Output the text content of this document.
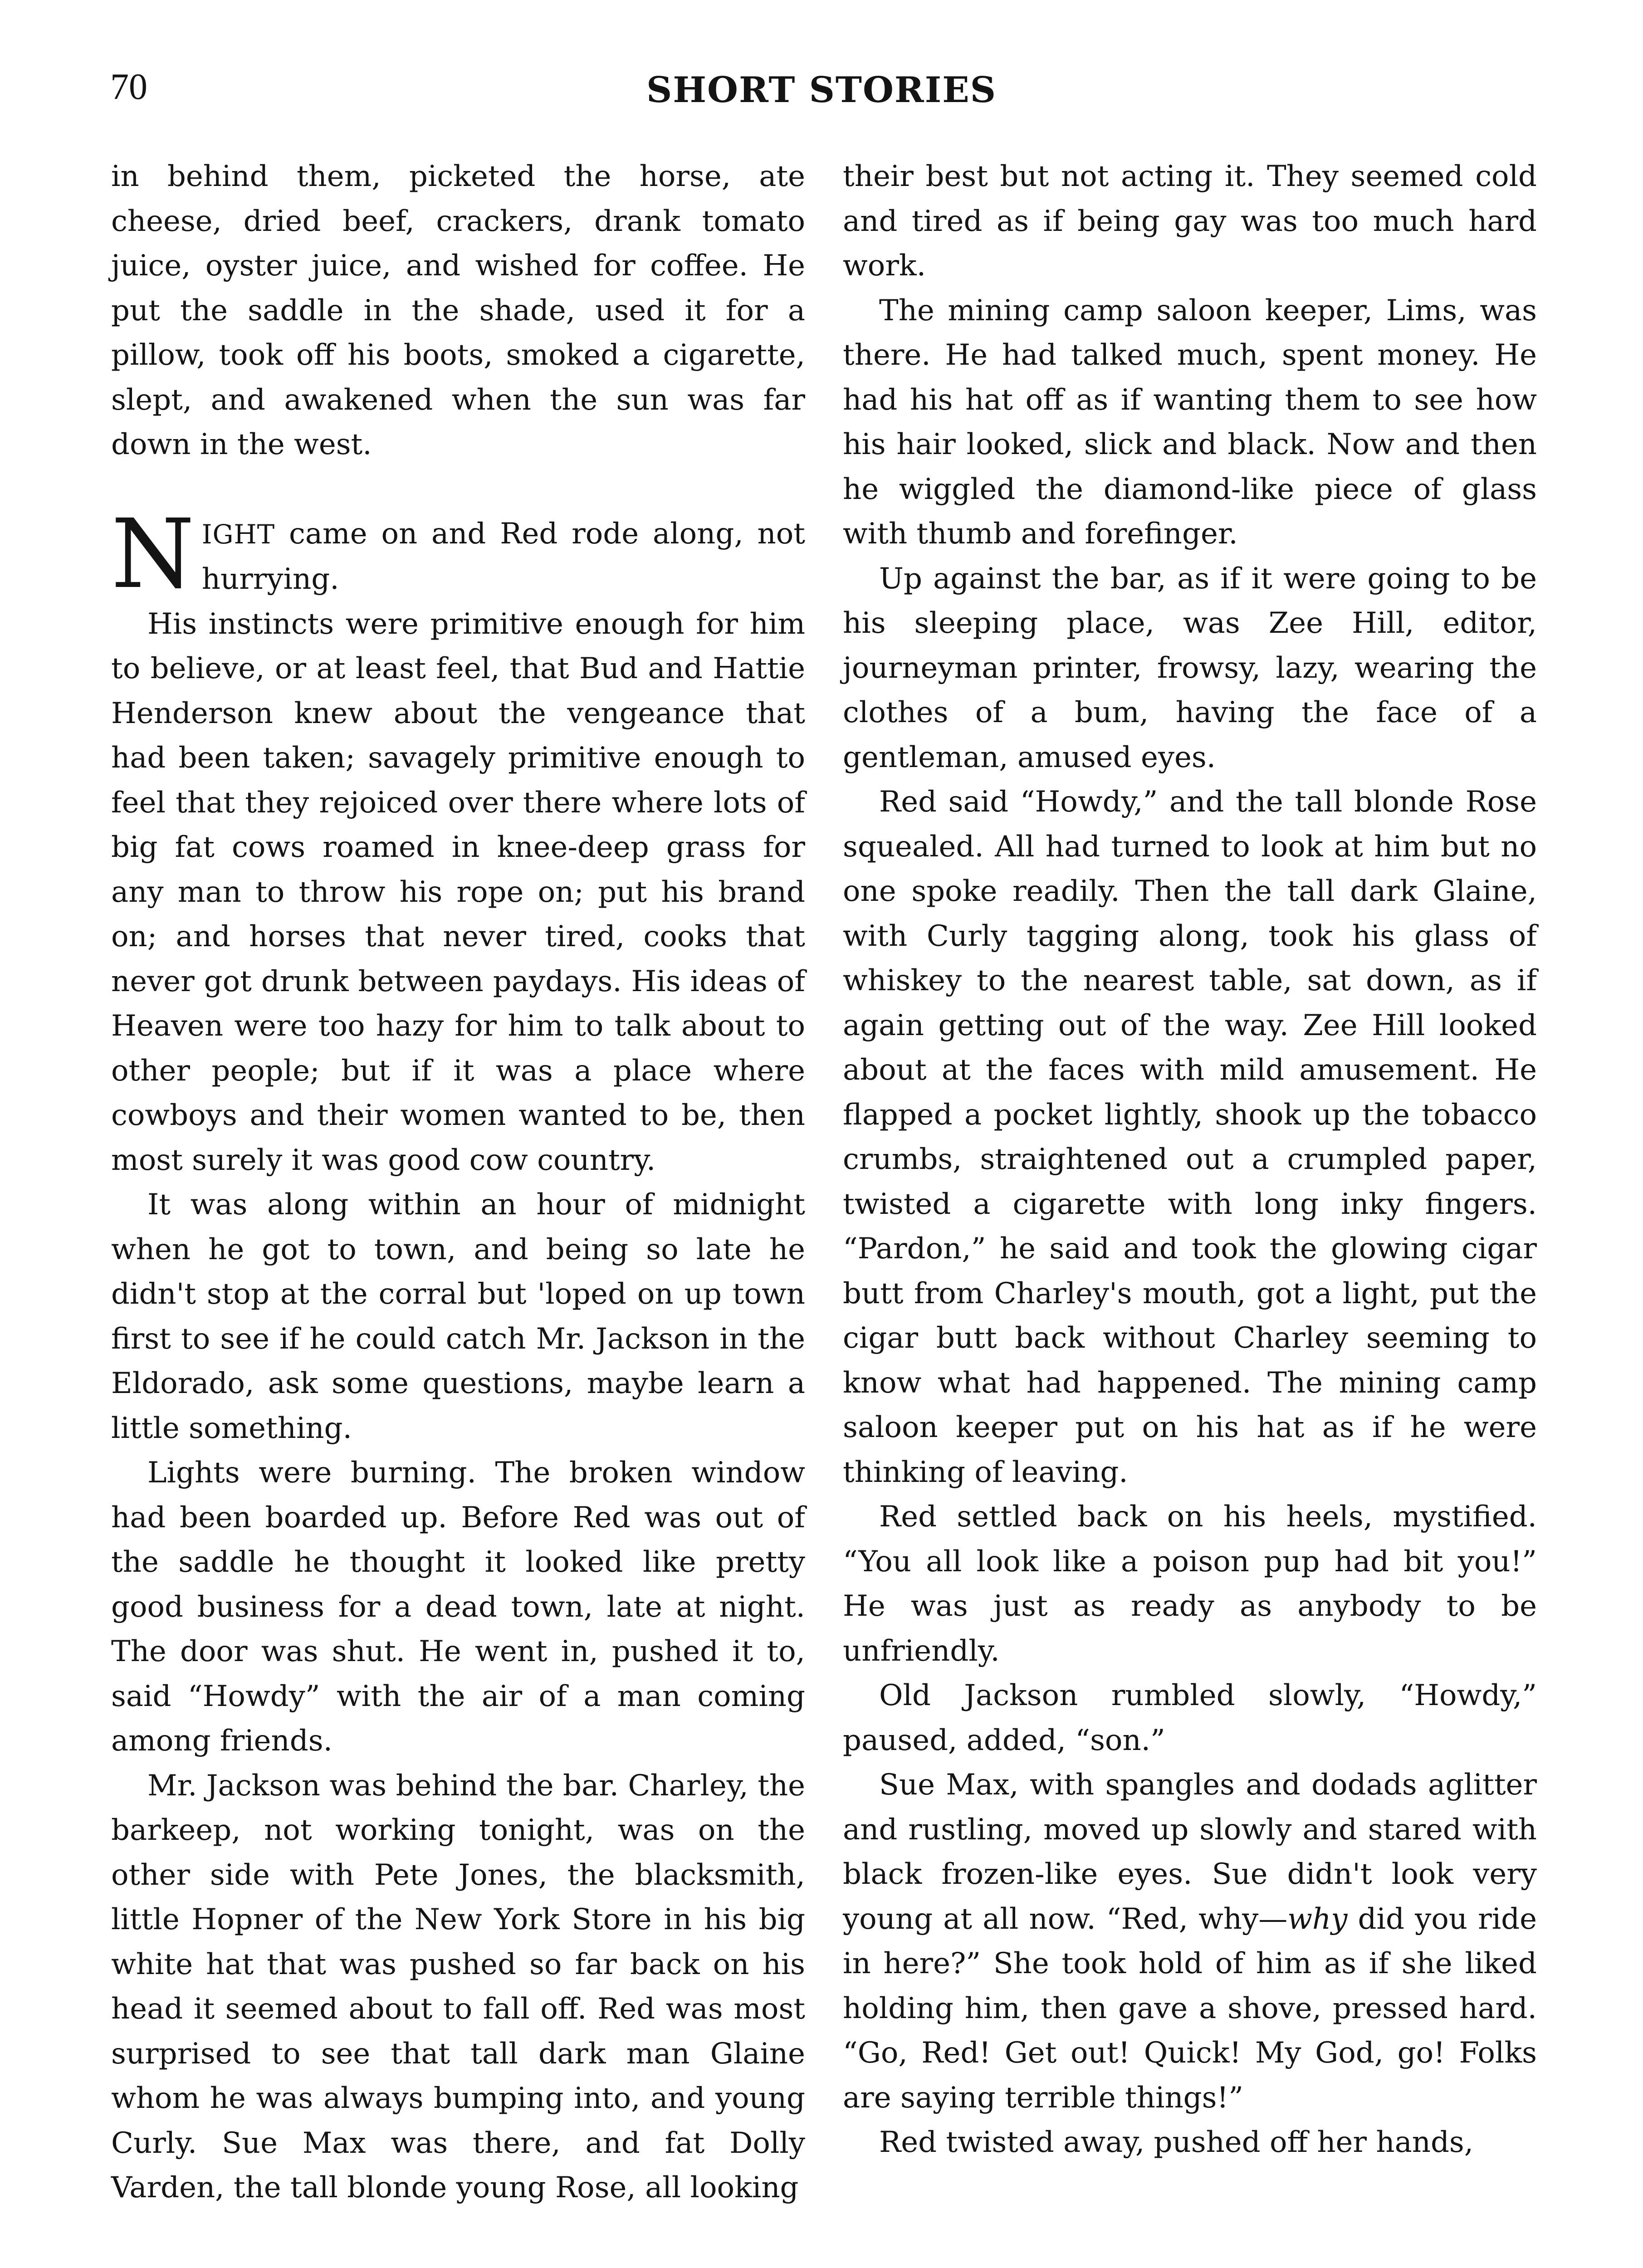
70	SHORT STORIES

in behind them, picketed the horse, ate cheese, dried beef, crackers, drank tomato juice, oyster juice, and wished for coffee. He put the saddle in the shade, used it for a pillow, took off his boots, smoked a cigarette, slept, and awakened when the sun was far down in the west.

NIGHT came on and Red rode along, not hurrying.

His instincts were primitive enough for him to believe, or at least feel, that Bud and Hattie Henderson knew about the vengeance that had been taken; savagely primitive enough to feel that they rejoiced over there where lots of big fat cows roamed in knee-deep grass for any man to throw his rope on; put his brand on; and horses that never tired, cooks that never got drunk between paydays. His ideas of Heaven were too hazy for him to talk about to other people; but if it was a place where cowboys and their women wanted to be, then most surely it was good cow country.

It was along within an hour of midnight when he got to town, and being so late he didn't stop at the corral but 'loped on up town first to see if he could catch Mr. Jackson in the Eldorado, ask some questions, maybe learn a little something.

Lights were burning. The broken window had been boarded up. Before Red was out of the saddle he thought it looked like pretty good business for a dead town, late at night. The door was shut. He went in, pushed it to, said “Howdy” with the air of a man coming among friends.

Mr. Jackson was behind the bar. Charley, the barkeep, not working tonight, was on the other side with Pete Jones, the blacksmith, little Hopner of the New York Store in his big white hat that was pushed so far back on his head it seemed about to fall off. Red was most surprised to see that tall dark man Glaine whom he was always bumping into, and young Curly. Sue Max was there, and fat Dolly Varden, the tall blonde young Rose, all looking

their best but not acting it. They seemed cold and tired as if being gay was too much hard work.

The mining camp saloon keeper, Lims, was there. He had talked much, spent money. He had his hat off as if wanting them to see how his hair looked, slick and black. Now and then he wiggled the diamond-like piece of glass with thumb and forefinger.

Up against the bar, as if it were going to be his sleeping place, was Zee Hill, editor, journeyman printer, frowsy, lazy, wearing the clothes of a bum, having the face of a gentleman, amused eyes.

Red said “Howdy,” and the tall blonde Rose squealed. All had turned to look at him but no one spoke readily. Then the tall dark Glaine, with Curly tagging along, took his glass of whiskey to the nearest table, sat down, as if again getting out of the way. Zee Hill looked about at the faces with mild amusement. He flapped a pocket lightly, shook up the tobacco crumbs, straightened out a crumpled paper, twisted a cigarette with long inky fingers. “Pardon,” he said and took the glowing cigar butt from Charley's mouth, got a light, put the cigar butt back without Charley seeming to know what had happened. The mining camp saloon keeper put on his hat as if he were thinking of leaving.

Red settled back on his heels, mystified. “You all look like a poison pup had bit you!” He was just as ready as anybody to be unfriendly.

Old Jackson rumbled slowly, “Howdy,” paused, added, “son.”

Sue Max, with spangles and dodads aglitter and rustling, moved up slowly and stared with black frozen-like eyes. Sue didn't look very young at all now. “Red, why—why did you ride in here?” She took hold of him as if she liked holding him, then gave a shove, pressed hard. “Go, Red! Get out! Quick! My God, go! Folks are saying terrible things!”

Red twisted away, pushed off her hands,
